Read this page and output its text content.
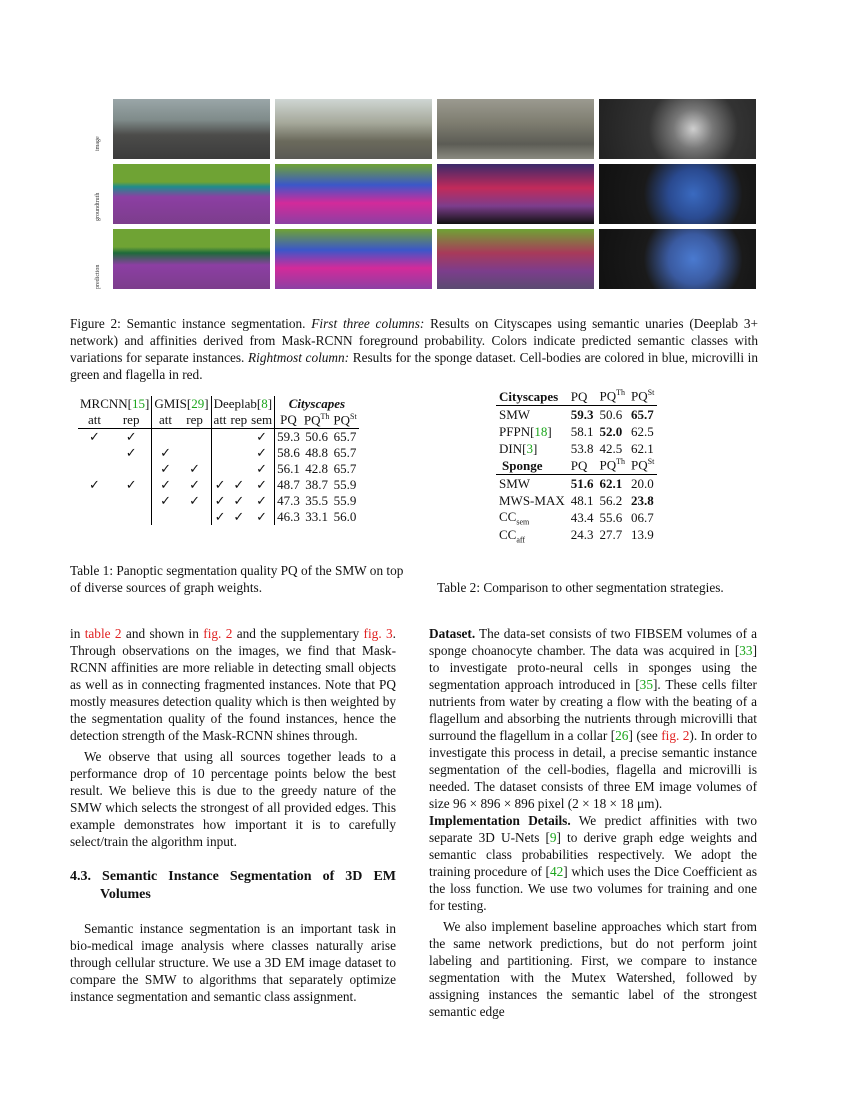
image
groundtruth
prediction
Figure 2: Semantic instance segmentation. First three columns: Results on Cityscapes using semantic unaries (Deeplab 3+ network) and affinities derived from Mask-RCNN foreground probability. Colors indicate predicted semantic classes with variations for separate instances. Rightmost column: Results for the sponge dataset. Cell-bodies are colored in blue, microvilli in green and flagella in red.
MRCNN[15]		GMIS[29]		Deeplab[8]			Cityscapes		
att	rep	att	rep	att	rep	sem	PQ	$PQ^{Th}$	$PQ^{St}$
✓	✓					✓	59.3	50.6	65.7
	✓	✓				✓	58.6	48.8	65.7
		✓	✓			✓	56.1	42.8	65.7
✓	✓	✓	✓	✓	✓	✓	48.7	38.7	55.9
		✓	✓	✓	✓	✓	47.3	35.5	55.9
				✓	✓	✓	46.3	33.1	56.0
Table 1: Panoptic segmentation quality PQ of the SMW on top of diverse sources of graph weights.
Cityscapes	PQ	$PQ^{Th}$	$PQ^{St}$
SMW	59.3	50.6	65.7
PFPN[18]	58.1	52.0	62.5
DIN[3]	53.8	42.5	62.1
Sponge	PQ	$PQ^{Th}$	$PQ^{St}$
SMW	51.6	62.1	20.0
MWS-MAX	48.1	56.2	23.8
$CC_{sem}$	43.4	55.6	06.7
$CC_{aff}$	24.3	27.7	13.9
Table 2: Comparison to other segmentation strategies.

in table 2 and shown in fig. 2 and the supplementary fig. 3. Through observations on the images, we find that Mask-RCNN affinities are more reliable in detecting small objects as well as in connecting fragmented instances. Note that PQ mostly measures detection quality which is then weighted by the segmentation quality of the found instances, hence the detection strength of the Mask-RCNN shines through.

We observe that using all sources together leads to a performance drop of 10 percentage points below the best result. We believe this is due to the greedy nature of the SMW which selects the strongest of all provided edges. This example demonstrates how important it is to carefully select/train the algorithm input.

4.3. Semantic Instance Segmentation of 3D EM Volumes

Semantic instance segmentation is an important task in bio-medical image analysis where classes naturally arise through cellular structure. We use a 3D EM image dataset to compare the SMW to algorithms that separately optimize instance segmentation and semantic class assignment.

Dataset. The data-set consists of two FIBSEM volumes of a sponge choanocyte chamber. The data was acquired in [33] to investigate proto-neural cells in sponges using the segmentation approach introduced in [35]. These cells filter nutrients from water by creating a flow with the beating of a flagellum and absorbing the nutrients through microvilli that surround the flagellum in a collar [26] (see fig. 2). In order to investigate this process in detail, a precise semantic instance segmentation of the cell-bodies, flagella and microvilli is needed. The dataset consists of three EM image volumes of size 96 × 896 × 896 pixel (2 × 18 × 18 μm).

Implementation Details. We predict affinities with two separate 3D U-Nets [9] to derive graph edge weights and semantic class probabilities respectively. We adopt the training procedure of [42] which uses the Dice Coefficient as the loss function. We use two volumes for training and one for testing.

We also implement baseline approaches which start from the same network predictions, but do not perform joint labeling and partitioning. First, we compare to instance segmentation with the Mutex Watershed, followed by assigning instances the semantic label of the strongest semantic edge
